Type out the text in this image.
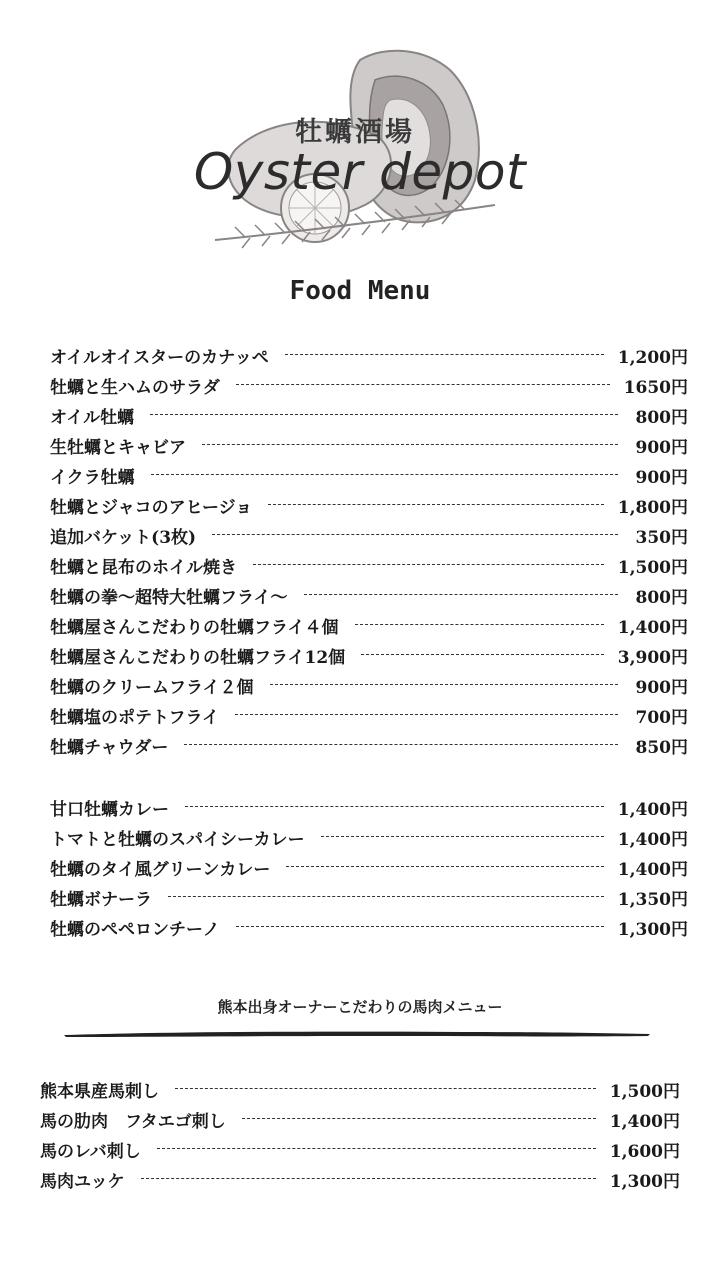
牡蠣酒場
Oyster depot
Food Menu
オイルオイスターのカナッペ	1,200円
牡蠣と生ハムのサラダ	1650円
オイル牡蠣	800円
生牡蠣とキャビア	900円
イクラ牡蠣	900円
牡蠣とジャコのアヒージョ	1,800円
追加バケット(3枚)	350円
牡蠣と昆布のホイル焼き	1,500円
牡蠣の拳～超特大牡蠣フライ～	800円
牡蠣屋さんこだわりの牡蠣フライ４個	1,400円
牡蠣屋さんこだわりの牡蠣フライ12個	3,900円
牡蠣のクリームフライ２個	900円
牡蠣塩のポテトフライ	700円
牡蠣チャウダー	850円
甘口牡蠣カレー	1,400円
トマトと牡蠣のスパイシーカレー	1,400円
牡蠣のタイ風グリーンカレー	1,400円
牡蠣ボナーラ	1,350円
牡蠣のペペロンチーノ	1,300円
熊本出身オーナーこだわりの馬肉メニュー
熊本県産馬刺し	1,500円
馬の肋肉　フタエゴ刺し	1,400円
馬のレバ刺し	1,600円
馬肉ユッケ	1,300円
